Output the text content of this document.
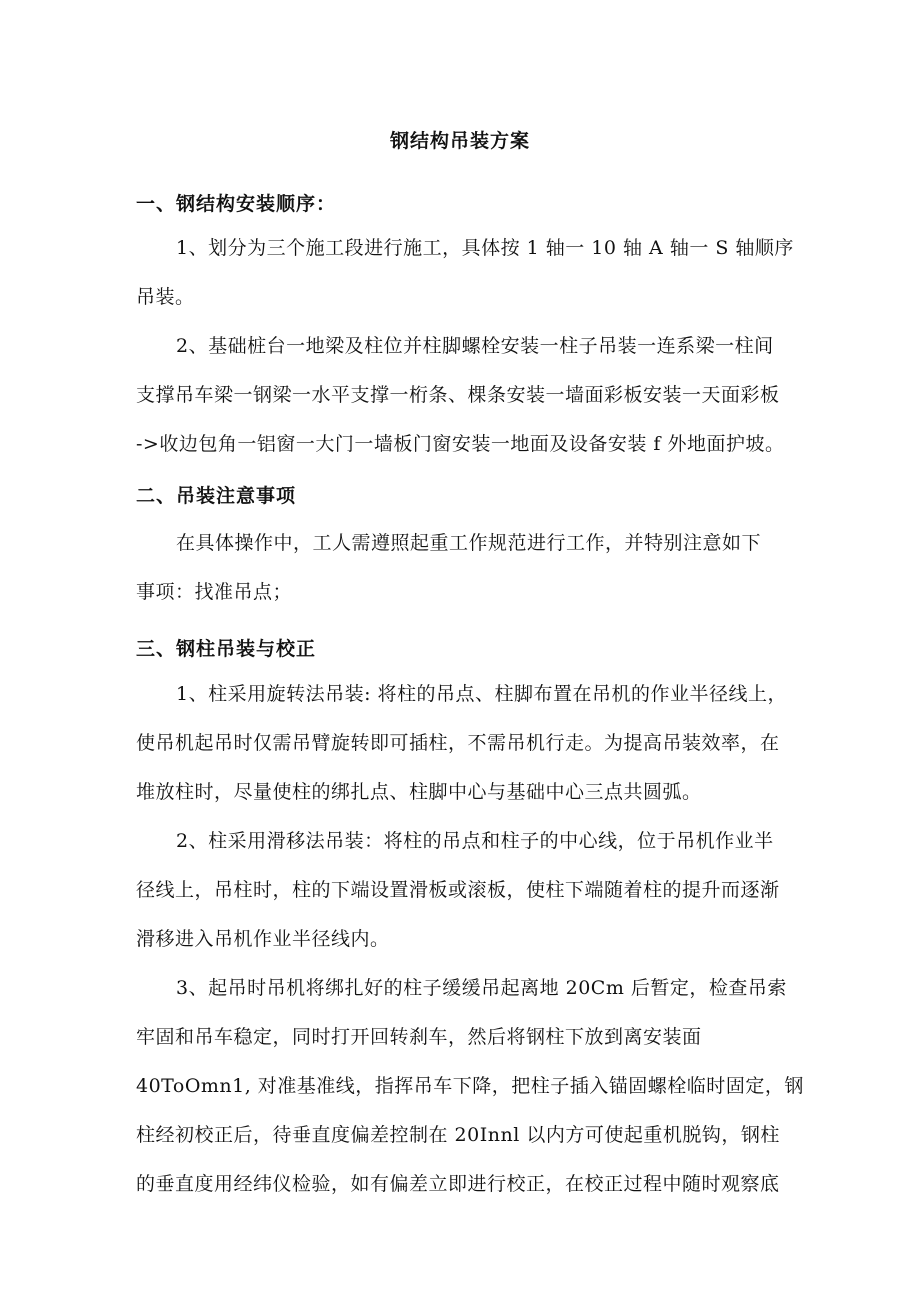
钢结构吊装方案
一、钢结构安装顺序：
1、划分为三个施工段进行施工，具体按 1 轴一 10 轴 A 轴一 S 轴顺序
吊装。
2、基础桩台一地梁及柱位并柱脚螺栓安装一柱子吊装一连系梁一柱间
支撑吊车梁一钢梁一水平支撑一桁条、棵条安装一墙面彩板安装一天面彩板
->收边包角一铝窗一大门一墙板门窗安装一地面及设备安装 f 外地面护坡。
二、吊装注意事项
在具体操作中，工人需遵照起重工作规范进行工作，并特别注意如下
事项：找准吊点；
三、钢柱吊装与校正
1、柱采用旋转法吊装: 将柱的吊点、柱脚布置在吊机的作业半径线上，
使吊机起吊时仅需吊臂旋转即可插柱，不需吊机行走。为提高吊装效率，在
堆放柱时，尽量使柱的绑扎点、柱脚中心与基础中心三点共圆弧。
2、柱采用滑移法吊装：将柱的吊点和柱子的中心线，位于吊机作业半
径线上，吊柱时，柱的下端设置滑板或滚板，使柱下端随着柱的提升而逐渐
滑移进入吊机作业半径线内。
3、起吊时吊机将绑扎好的柱子缓缓吊起离地 20Cm 后暂定，检查吊索
牢固和吊车稳定，同时打开回转刹车，然后将钢柱下放到离安装面
40ToOmn1, 对准基准线，指挥吊车下降，把柱子插入锚固螺栓临时固定，钢
柱经初校正后，待垂直度偏差控制在 20Innl 以内方可使起重机脱钩，钢柱
的垂直度用经纬仪检验，如有偏差立即进行校正，在校正过程中随时观察底
